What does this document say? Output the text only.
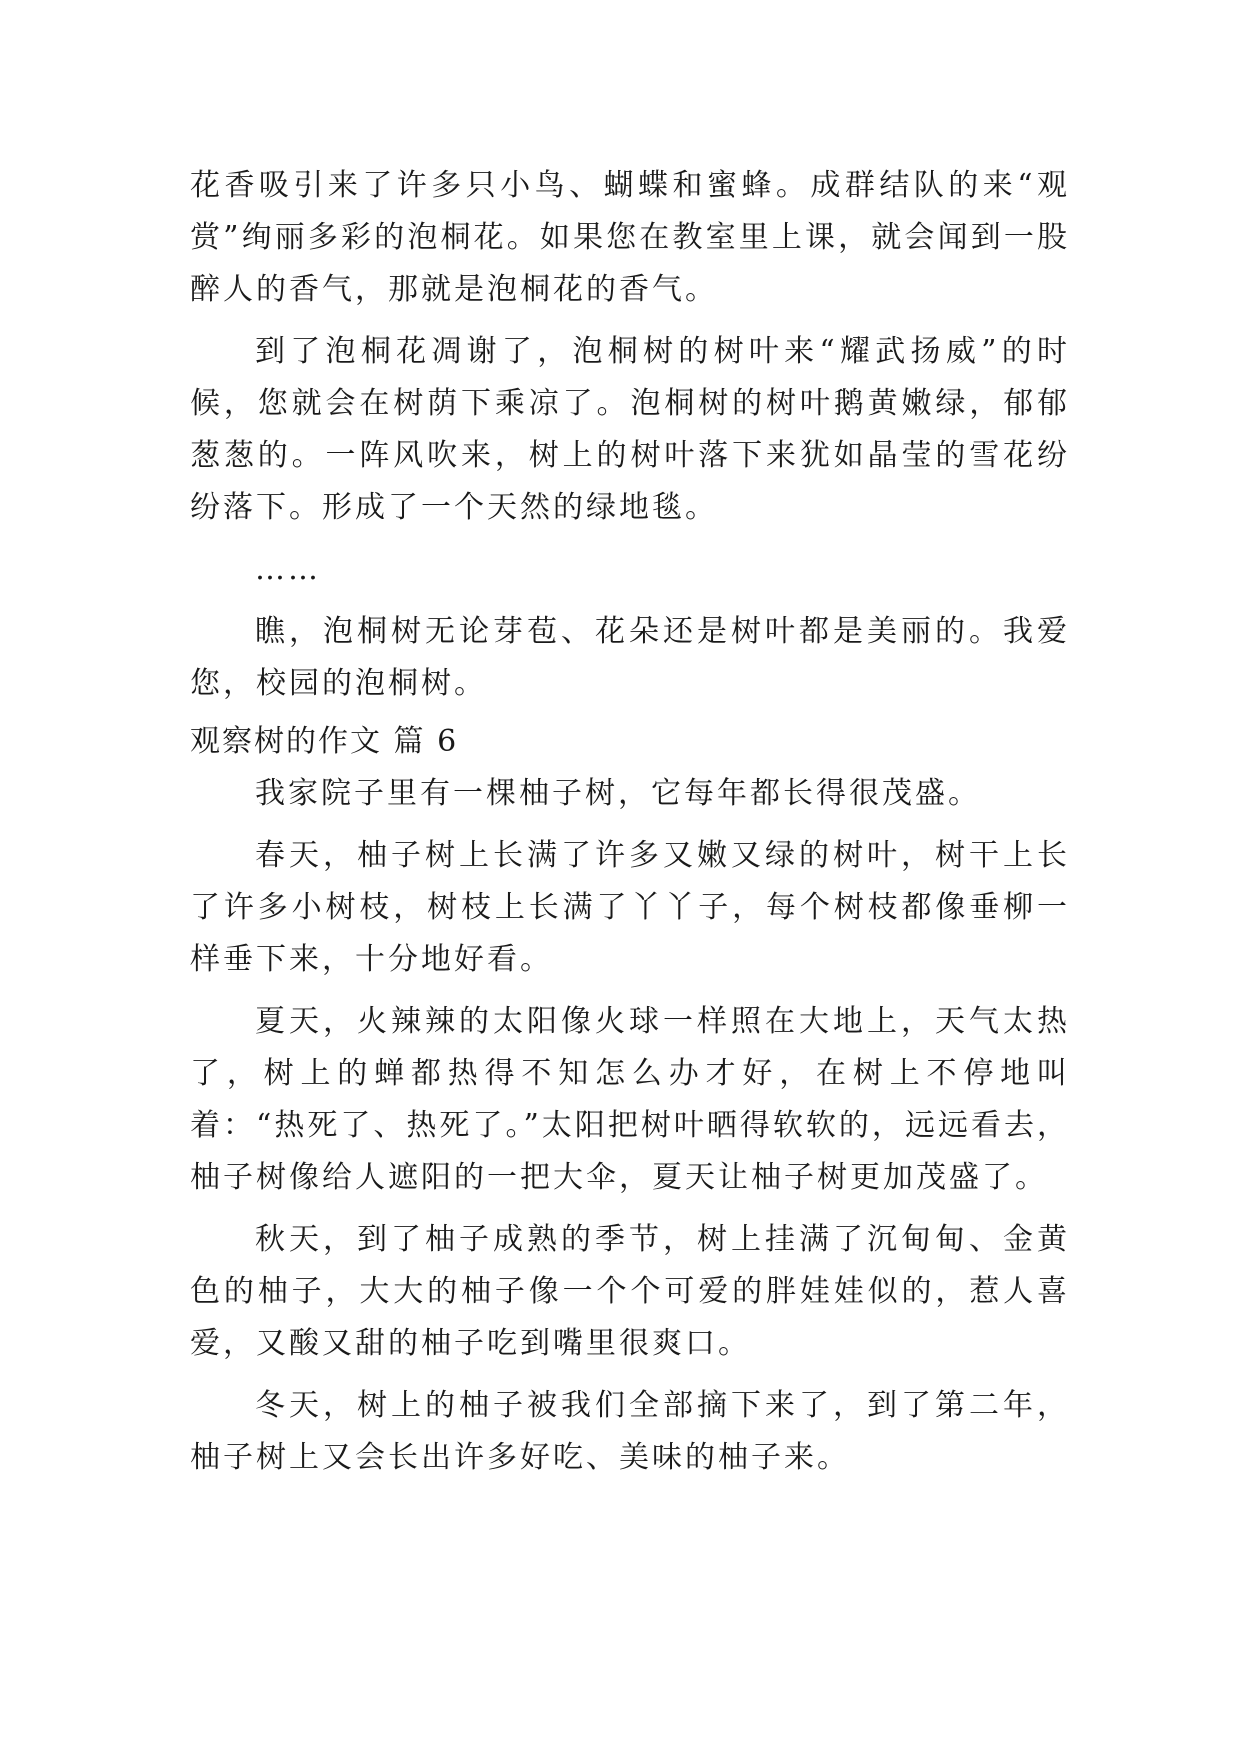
花香吸引来了许多只小鸟、蝴蝶和蜜蜂。成群结队的来“观赏”绚丽多彩的泡桐花。如果您在教室里上课，就会闻到一股醉人的香气，那就是泡桐花的香气。

到了泡桐花凋谢了，泡桐树的树叶来“耀武扬威”的时候，您就会在树荫下乘凉了。泡桐树的树叶鹅黄嫩绿，郁郁葱葱的。一阵风吹来，树上的树叶落下来犹如晶莹的雪花纷纷落下。形成了一个天然的绿地毯。

……

瞧，泡桐树无论芽苞、花朵还是树叶都是美丽的。我爱您，校园的泡桐树。

观察树的作文 篇 6

我家院子里有一棵柚子树，它每年都长得很茂盛。

春天，柚子树上长满了许多又嫩又绿的树叶，树干上长了许多小树枝，树枝上长满了丫丫子，每个树枝都像垂柳一样垂下来，十分地好看。

夏天，火辣辣的太阳像火球一样照在大地上，天气太热了，树上的蝉都热得不知怎么办才好，在树上不停地叫着：“热死了、热死了。”太阳把树叶晒得软软的，远远看去，柚子树像给人遮阳的一把大伞，夏天让柚子树更加茂盛了。

秋天，到了柚子成熟的季节，树上挂满了沉甸甸、金黄色的柚子，大大的柚子像一个个可爱的胖娃娃似的，惹人喜爱，又酸又甜的柚子吃到嘴里很爽口。

冬天，树上的柚子被我们全部摘下来了，到了第二年，柚子树上又会长出许多好吃、美味的柚子来。
